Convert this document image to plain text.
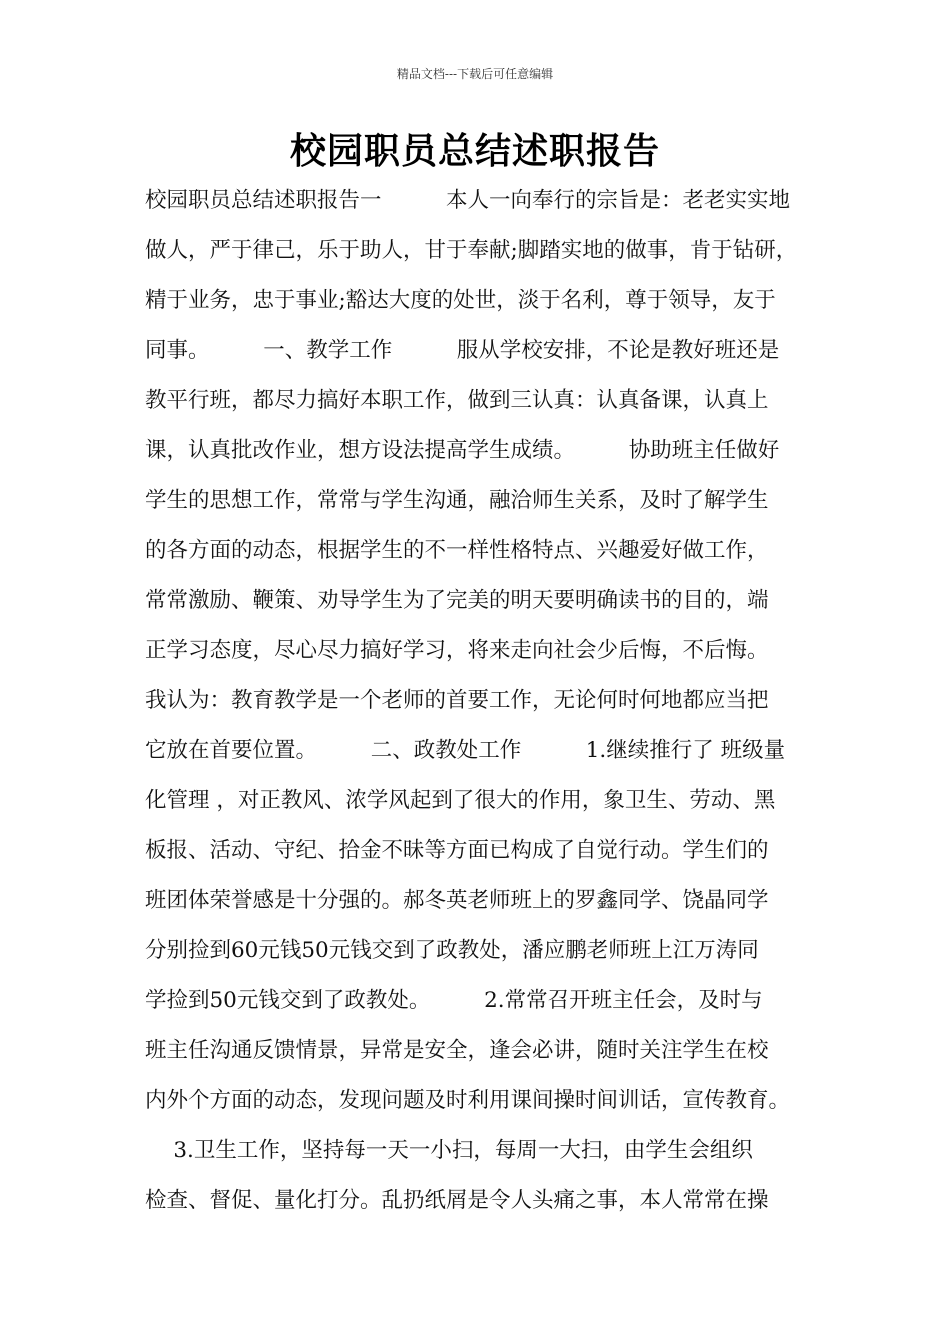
精品文档---下载后可任意编辑
校园职员总结述职报告
校园职员总结述职报告一　　　本人一向奉行的宗旨是：老老实实地
做人，严于律己，乐于助人，甘于奉献;脚踏实地的做事，肯于钻研，
精于业务，忠于事业;豁达大度的处世，淡于名利，尊于领导，友于
同事。　　　一、教学工作　　　服从学校安排，不论是教好班还是
教平行班，都尽力搞好本职工作，做到三认真：认真备课，认真上
课，认真批改作业，想方设法提高学生成绩。　　　协助班主任做好
学生的思想工作，常常与学生沟通，融洽师生关系，及时了解学生
的各方面的动态，根据学生的不一样性格特点、兴趣爱好做工作，
常常激励、鞭策、劝导学生为了完美的明天要明确读书的目的，端
正学习态度，尽心尽力搞好学习，将来走向社会少后悔，不后悔。
我认为：教育教学是一个老师的首要工作，无论何时何地都应当把
它放在首要位置。　　　二、政教处工作　　　1.继续推行了 班级量
化管理 ，对正教风、浓学风起到了很大的作用，象卫生、劳动、黑
板报、活动、守纪、拾金不昧等方面已构成了自觉行动。学生们的
班团体荣誉感是十分强的。郝冬英老师班上的罗鑫同学、饶晶同学
分别捡到60元钱50元钱交到了政教处，潘应鹏老师班上江万涛同
学捡到50元钱交到了政教处。　　　2.常常召开班主任会，及时与
班主任沟通反馈情景，异常是安全，逢会必讲，随时关注学生在校
内外个方面的动态，发现问题及时利用课间操时间训话，宣传教育。
　 3.卫生工作，坚持每一天一小扫，每周一大扫，由学生会组织
检查、督促、量化打分。乱扔纸屑是令人头痛之事，本人常常在操
